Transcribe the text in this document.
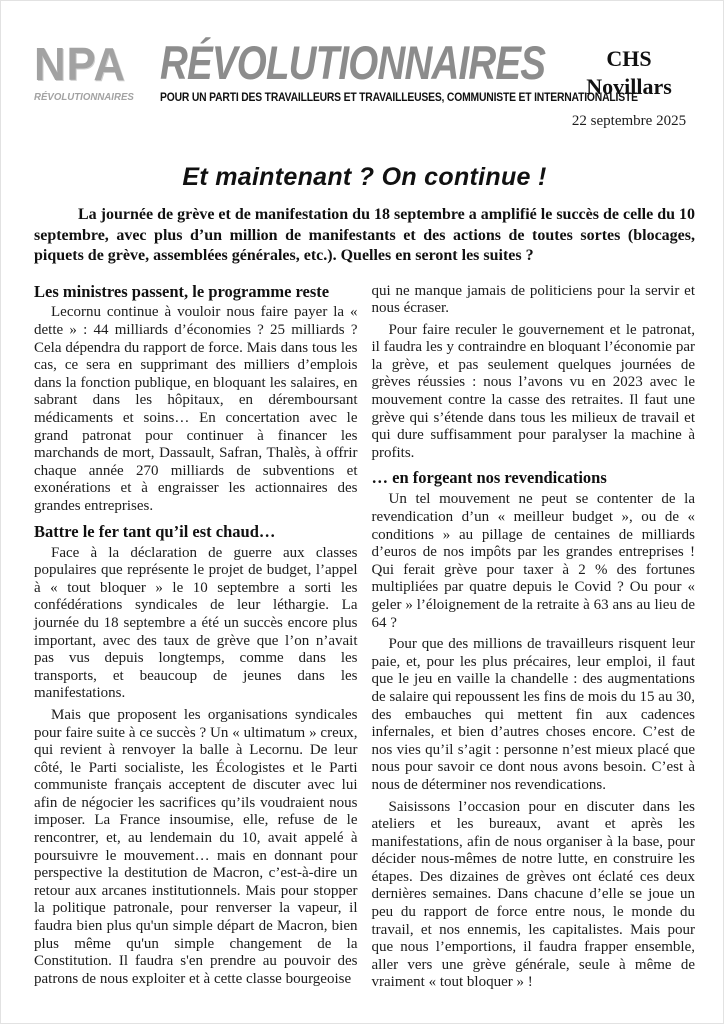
NPA
RÉVOLUTIONNAIRES
RÉVOLUTIONNAIRES
POUR UN PARTI DES TRAVAILLEURS ET TRAVAILLEUSES, COMMUNISTE ET INTERNATIONALISTE
CHS
Novillars
22 septembre 2025
Et maintenant ? On continue !

La journée de grève et de manifestation du 18 septembre a amplifié le succès de celle du 10 septembre, avec plus d’un million de manifestants et des actions de toutes sortes (blocages, piquets de grève, assemblées générales, etc.). Quelles en seront les suites ?

Les ministres passent, le programme reste

Lecornu continue à vouloir nous faire payer la « dette » : 44 milliards d’économies ? 25 milliards ? Cela dépendra du rapport de force. Mais dans tous les cas, ce sera en supprimant des milliers d’emplois dans la fonction publique, en bloquant les salaires, en sabrant dans les hôpitaux, en déremboursant médicaments et soins… En concertation avec le grand patronat pour continuer à financer les marchands de mort, Dassault, Safran, Thalès, à offrir chaque année 270 milliards de subventions et exonérations et à engraisser les actionnaires des grandes entreprises.

Battre le fer tant qu’il est chaud…

Face à la déclaration de guerre aux classes populaires que représente le projet de budget, l’appel à « tout bloquer » le 10 septembre a sorti les confédérations syndicales de leur léthargie. La journée du 18 septembre a été un succès encore plus important, avec des taux de grève que l’on n’avait pas vus depuis longtemps, comme dans les transports, et beaucoup de jeunes dans les manifestations.

Mais que proposent les organisations syndicales pour faire suite à ce succès ? Un « ultimatum » creux, qui revient à renvoyer la balle à Lecornu. De leur côté, le Parti socialiste, les Écologistes et le Parti communiste français acceptent de discuter avec lui afin de négocier les sacrifices qu’ils voudraient nous imposer. La France insoumise, elle, refuse de le rencontrer, et, au lendemain du 10, avait appelé à poursuivre le mouvement… mais en donnant pour perspective la destitution de Macron, c’est-à-dire un retour aux arcanes institutionnels. Mais pour stopper la politique patronale, pour renverser la vapeur, il faudra bien plus qu'un simple départ de Macron, bien plus même qu'un simple changement de la Constitution. Il faudra s'en prendre au pouvoir des patrons de nous exploiter et à cette classe bourgeoise

qui ne manque jamais de politiciens pour la servir et nous écraser.

Pour faire reculer le gouvernement et le patronat, il faudra les y contraindre en bloquant l’économie par la grève, et pas seulement quelques journées de grèves réussies : nous l’avons vu en 2023 avec le mouvement contre la casse des retraites. Il faut une grève qui s’étende dans tous les milieux de travail et qui dure suffisamment pour paralyser la machine à profits.

… en forgeant nos revendications

Un tel mouvement ne peut se contenter de la revendication d’un « meilleur budget », ou de « conditions » au pillage de centaines de milliards d’euros de nos impôts par les grandes entreprises ! Qui ferait grève pour taxer à 2 % des fortunes multipliées par quatre depuis le Covid ? Ou pour « geler » l’éloignement de la retraite à 63 ans au lieu de 64 ?

Pour que des millions de travailleurs risquent leur paie, et, pour les plus précaires, leur emploi, il faut que le jeu en vaille la chandelle : des augmentations de salaire qui repoussent les fins de mois du 15 au 30, des embauches qui mettent fin aux cadences infernales, et bien d’autres choses encore. C’est de nos vies qu’il s’agit : personne n’est mieux placé que nous pour savoir ce dont nous avons besoin. C’est à nous de déterminer nos revendications.

Saisissons l’occasion pour en discuter dans les ateliers et les bureaux, avant et après les manifestations, afin de nous organiser à la base, pour décider nous-mêmes de notre lutte, en construire les étapes. Des dizaines de grèves ont éclaté ces deux dernières semaines. Dans chacune d’elle se joue un peu du rapport de force entre nous, le monde du travail, et nos ennemis, les capitalistes. Mais pour que nous l’emportions, il faudra frapper ensemble, aller vers une grève générale, seule à même de vraiment « tout bloquer » !
